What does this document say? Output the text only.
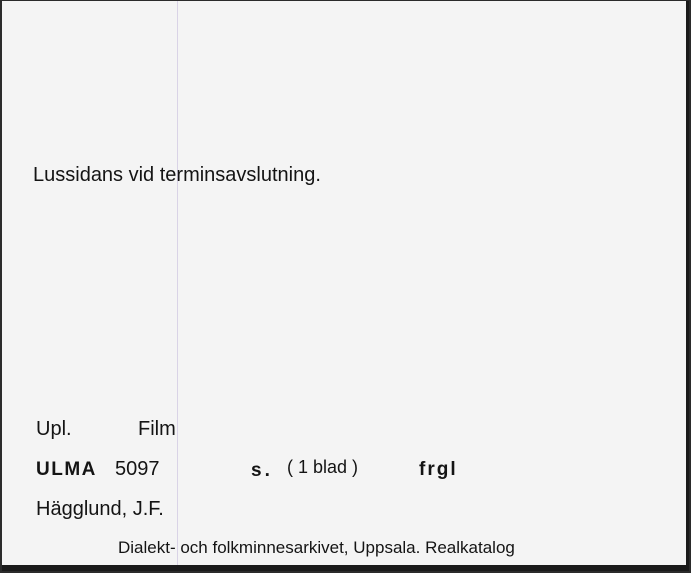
Lussidans vid terminsavslutning.
Upl.	Film
ULMA 5097	s. ( 1 blad )	frgl
Hägglund, J.F.
Dialekt- och folkminnesarkivet, Uppsala. Realkatalog
